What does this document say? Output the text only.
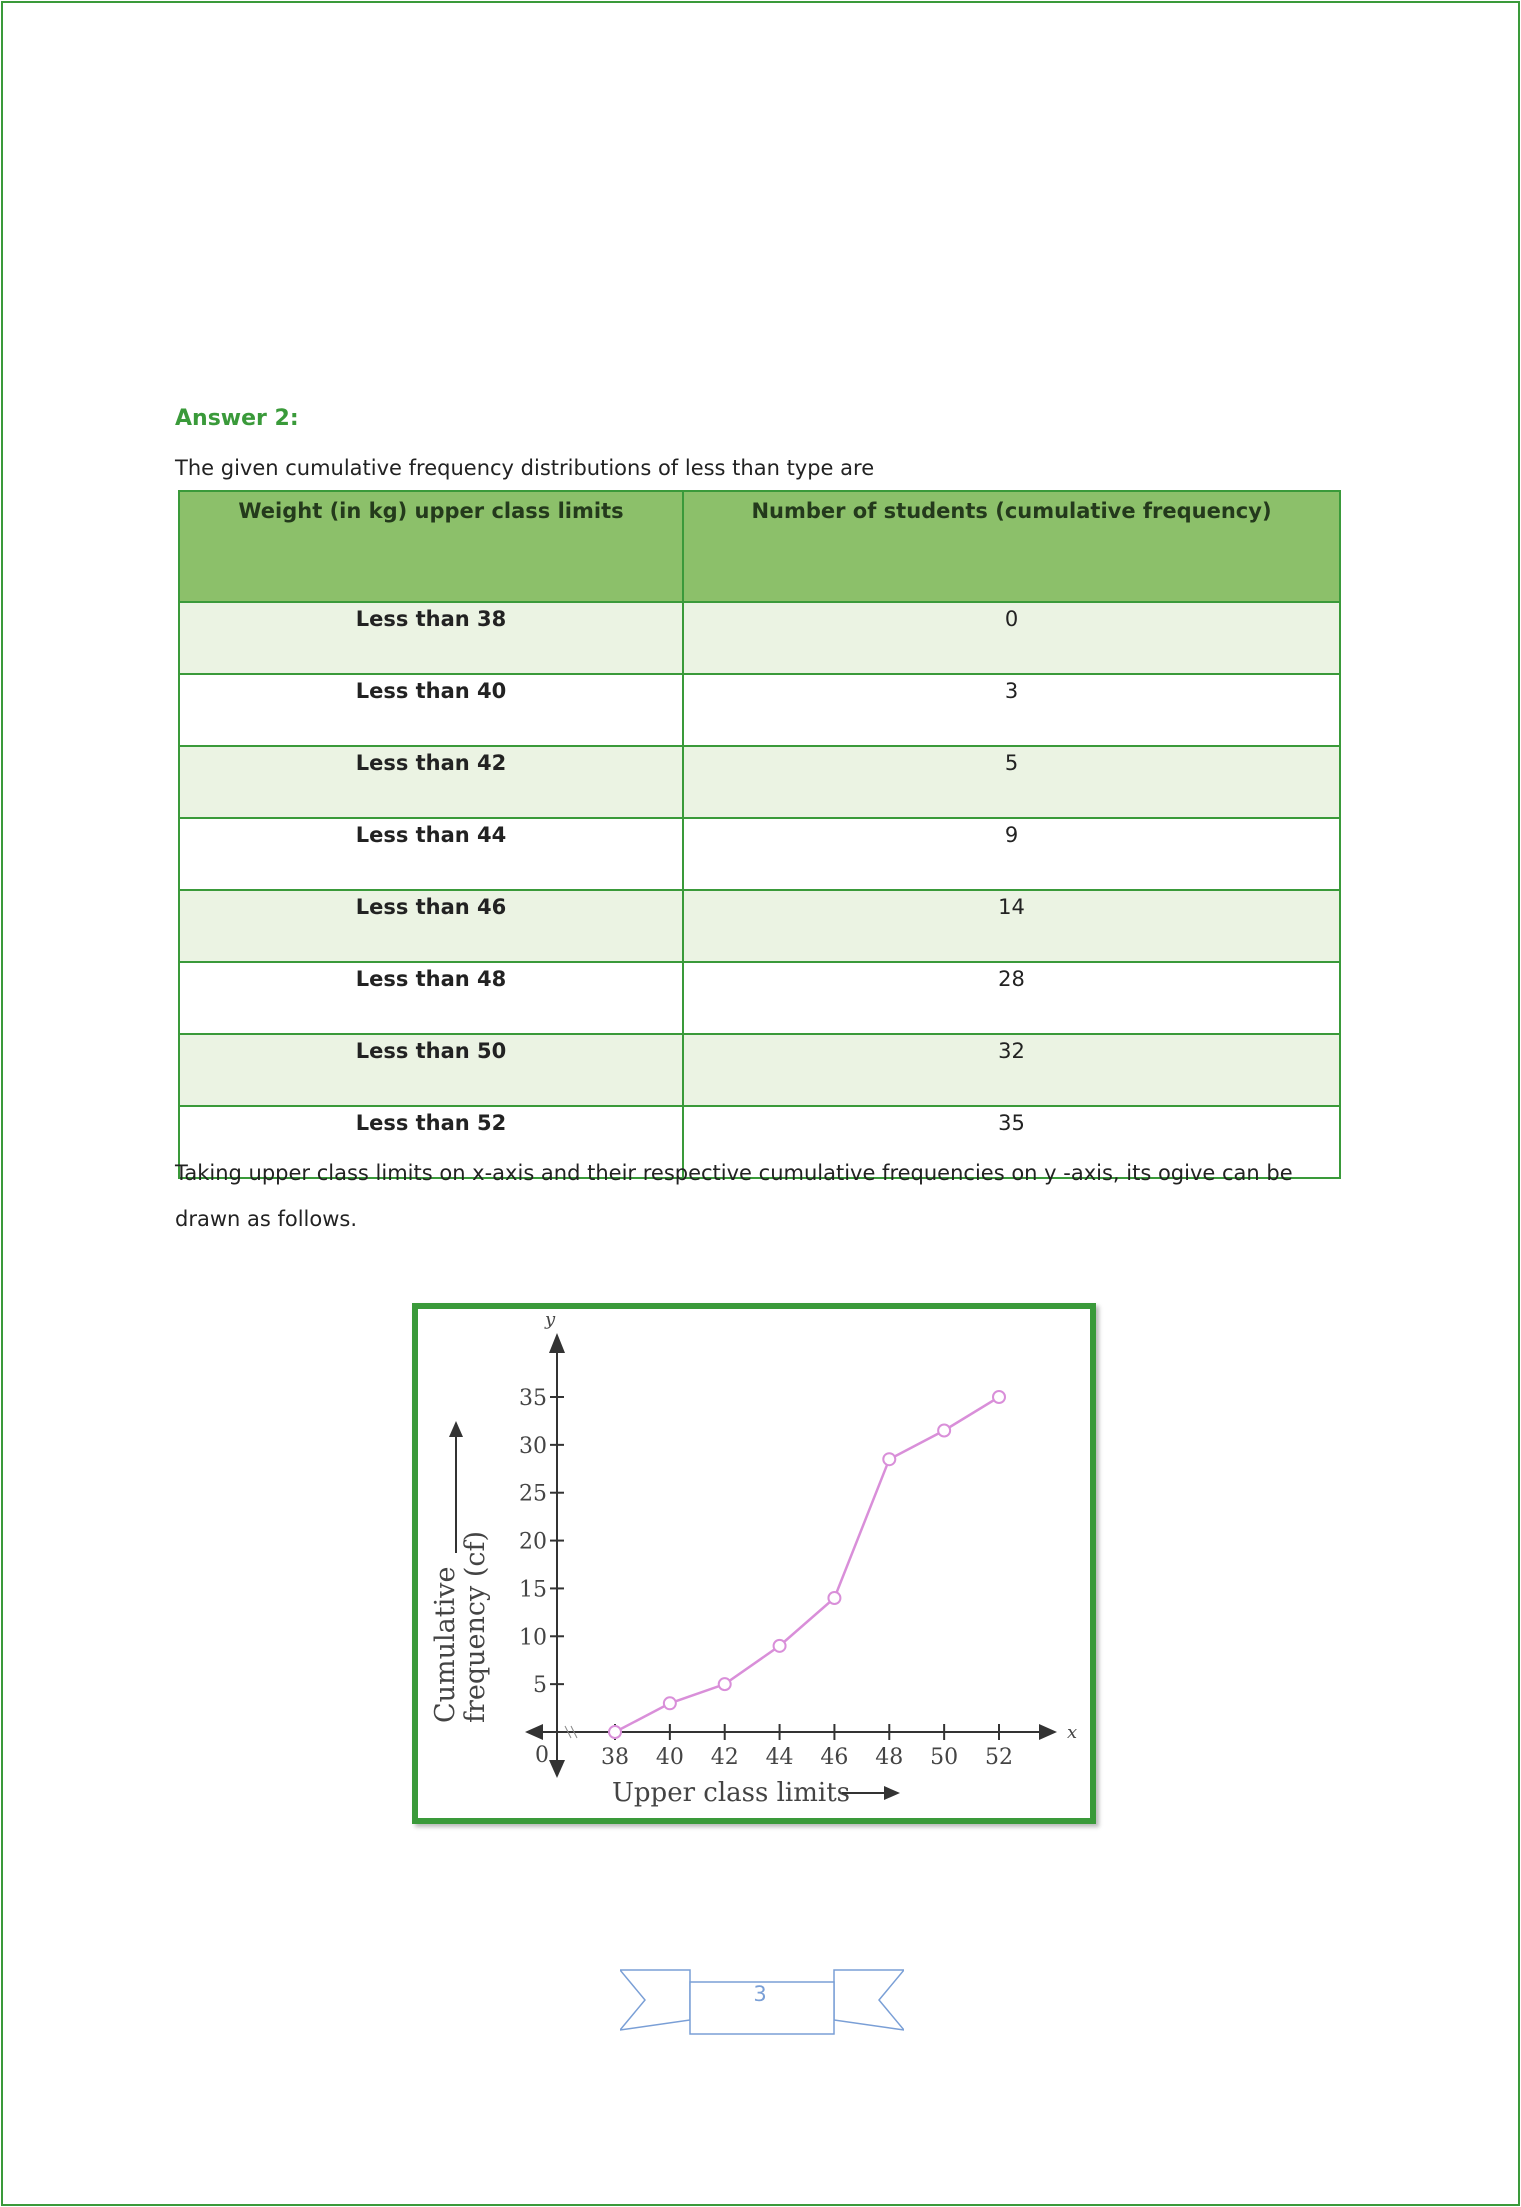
Answer 2:
The given cumulative frequency distributions of less than type are
Weight (in kg) upper class limits	Number of students (cumulative frequency)
Less than 38	0
Less than 40	3
Less than 42	5
Less than 44	9
Less than 46	14
Less than 48	28
Less than 50	32
Less than 52	35
Taking upper class limits on x-axis and their respective cumulative frequencies on y -axis, its ogive can be drawn as follows.
y
x
0
5
10
15
20
25
30
35
38 40 42 44 46 48 50 52
Upper class limits
Cumulative frequency (cf)
3
